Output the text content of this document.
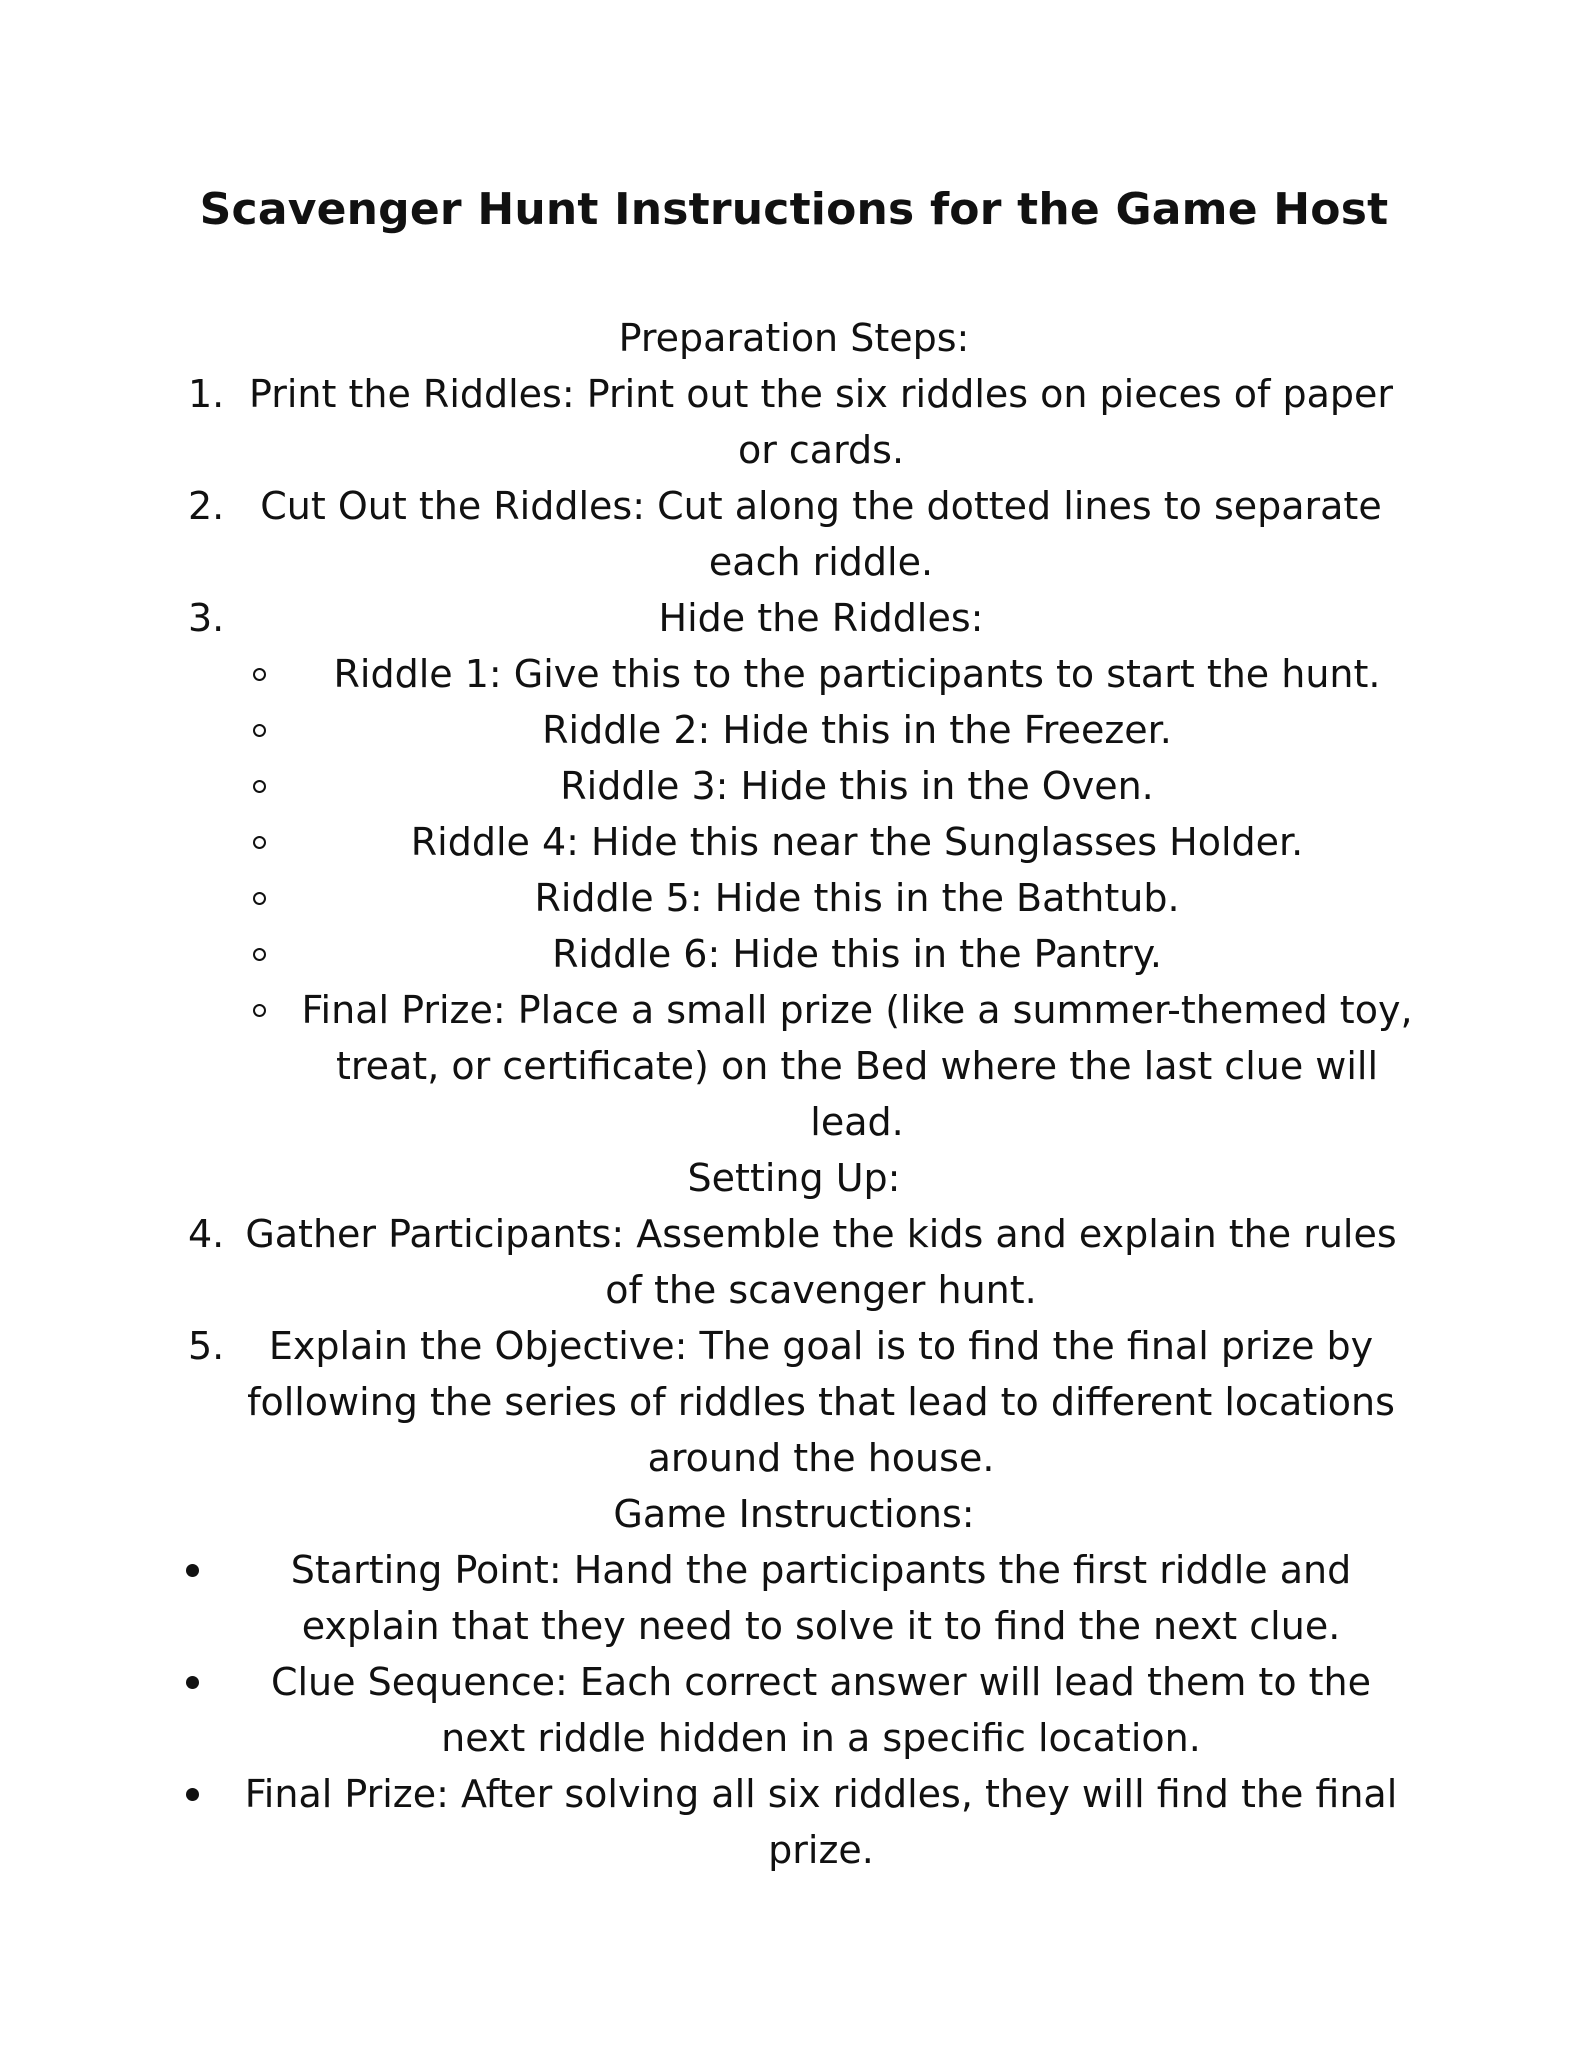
Scavenger Hunt Instructions for the Game Host
Preparation Steps:
1. Print the Riddles: Print out the six riddles on pieces of paper or cards.
2. Cut Out the Riddles: Cut along the dotted lines to separate each riddle.
3.	Hide the Riddles:
Riddle 1: Give this to the participants to start the hunt.
Riddle 2: Hide this in the Freezer.
Riddle 3: Hide this in the Oven.
Riddle 4: Hide this near the Sunglasses Holder.
Riddle 5: Hide this in the Bathtub.
Riddle 6: Hide this in the Pantry.
Final Prize: Place a small prize (like a summer-themed toy, treat, or certificate) on the Bed where the last clue will lead.
Setting Up:
4. Gather Participants: Assemble the kids and explain the rules of the scavenger hunt.
5.	Explain the Objective: The goal is to find the final prize by following the series of riddles that lead to different locations around the house.
Game Instructions:
Starting Point: Hand the participants the first riddle and explain that they need to solve it to find the next clue.
Clue Sequence: Each correct answer will lead them to the next riddle hidden in a specific location.
Final Prize: After solving all six riddles, they will find the final prize.
